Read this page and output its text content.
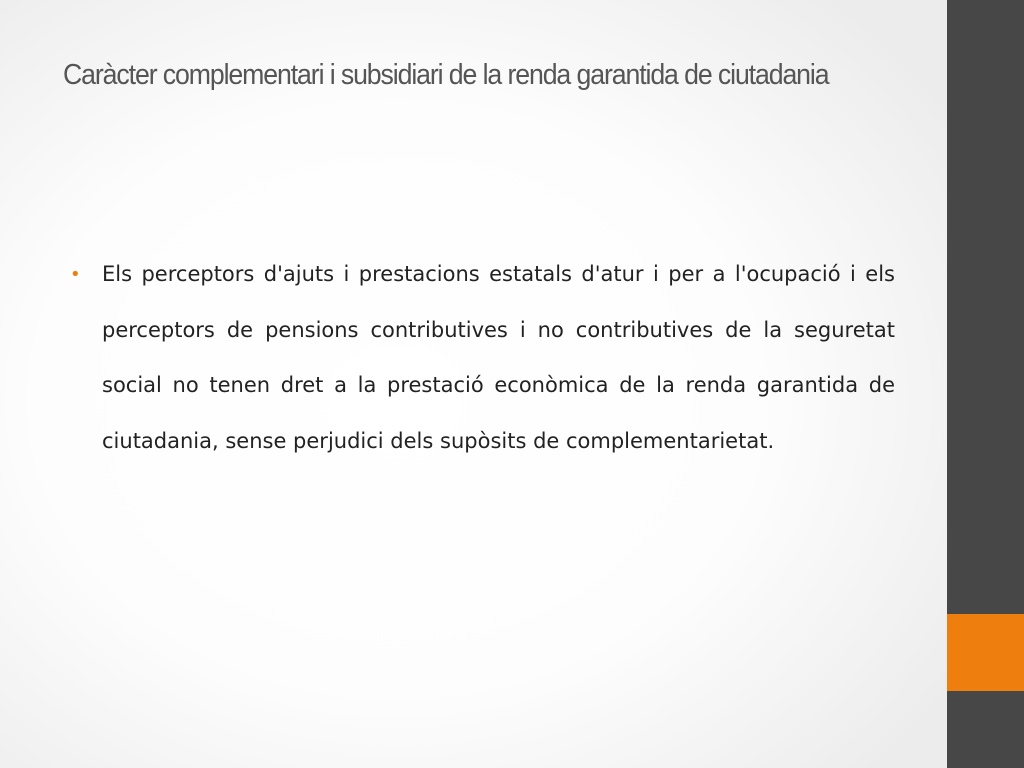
Caràcter complementari i subsidiari de la renda garantida de ciutadania
• Els perceptors d'ajuts i prestacions estatals d'atur i per a l'ocupació i els perceptors de pensions contributives i no contributives de la seguretat social no tenen dret a la prestació econòmica de la renda garantida de ciutadania, sense perjudici dels supòsits de complementarietat.
